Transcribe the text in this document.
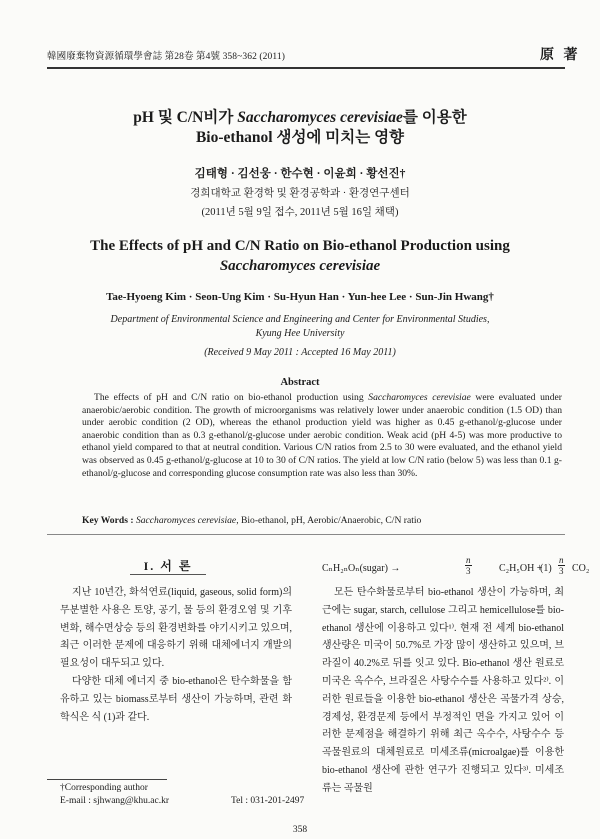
韓國廢棄物資源循環學會誌 第28卷 第4號 358~362 (2011)	原 著
pH 및 C/N비가 Saccharomyces cerevisiae를 이용한
Bio-ethanol 생성에 미치는 영향
김태형 · 김선웅 · 한수현 · 이윤희 · 황선진†
경희대학교 환경학 및 환경공학과 · 환경연구센터
(2011년 5월 9일 접수, 2011년 5월 16일 채택)
The Effects of pH and C/N Ratio on Bio-ethanol Production using
Saccharomyces cerevisiae
Tae-Hyoeng Kim · Seon-Ung Kim · Su-Hyun Han · Yun-hee Lee · Sun-Jin Hwang†
Department of Environmental Science and Engineering and Center for Environmental Studies,
Kyung Hee University
(Received 9 May 2011 : Accepted 16 May 2011)
Abstract
The effects of pH and C/N ratio on bio-ethanol production using Saccharomyces cerevisiae were evaluated under anaerobic/aerobic condition. The growth of microorganisms was relatively lower under anaerobic condition (1.5 OD) than under aerobic condition (2 OD), whereas the ethanol production yield was higher as 0.45 g-ethanol/g-glucose under anaerobic condition than as 0.3 g-ethanol/g-glucose under aerobic condition. Weak acid (pH 4-5) was more productive to ethanol yield compared to that at neutral condition. Various C/N ratios from 2.5 to 30 were evaluated, and the ethanol yield was observed as 0.45 g-ethanol/g-glucose at 10 to 30 of C/N ratios. The yield at low C/N ratio (below 5) was less than 0.1 g-ethanol/g-glucose and corresponding glucose consumption rate was also less than 30%.
Key Words : Saccharomyces cerevisiae, Bio-ethanol, pH, Aerobic/Anaerobic, C/N ratio
I. 서 론

지난 10년간, 화석연료(liquid, gaseous, solid form)의 무분별한 사용은 토양, 공기, 물 등의 환경오염 및 기후변화, 해수면상승 등의 환경변화를 야기시키고 있으며, 최근 이러한 문제에 대응하기 위해 대체에너지 개발의 필요성이 대두되고 있다.

다양한 대체 에너지 중 bio-ethanol은 탄수화물을 함유하고 있는 biomass로부터 생산이 가능하며, 관련 화학식은 식 (1)과 같다.

CₙH₂ₙOₙ(sugar) →	$\frac{n}{3}$	$C_2H_5OH + \frac{n}{3} CO_2$
(1)

모든 탄수화물로부터 bio-ethanol 생산이 가능하며, 최근에는 sugar, starch, cellulose 그리고 hemicellulose를 bio-ethanol 생산에 이용하고 있다¹⁾. 현재 전 세계 bio-ethanol 생산량은 미국이 50.7%로 가장 많이 생산하고 있으며, 브라질이 40.2%로 뒤를 잇고 있다. Bio-ethanol 생산 원료로 미국은 옥수수, 브라질은 사탕수수를 사용하고 있다²⁾. 이러한 원료들을 이용한 bio-ethanol 생산은 곡물가격 상승, 경제성, 환경문제 등에서 부정적인 면을 가지고 있어 이러한 문제점을 해결하기 위해 최근 옥수수, 사탕수수 등 곡물원료의 대체원료로 미세조류(microalgae)를 이용한 bio-ethanol 생산에 관한 연구가 진행되고 있다³⁾. 미세조류는 곡물원

†Corresponding author
E-mail : sjhwang@khu.ac.kr	Tel : 031-201-2497
358
